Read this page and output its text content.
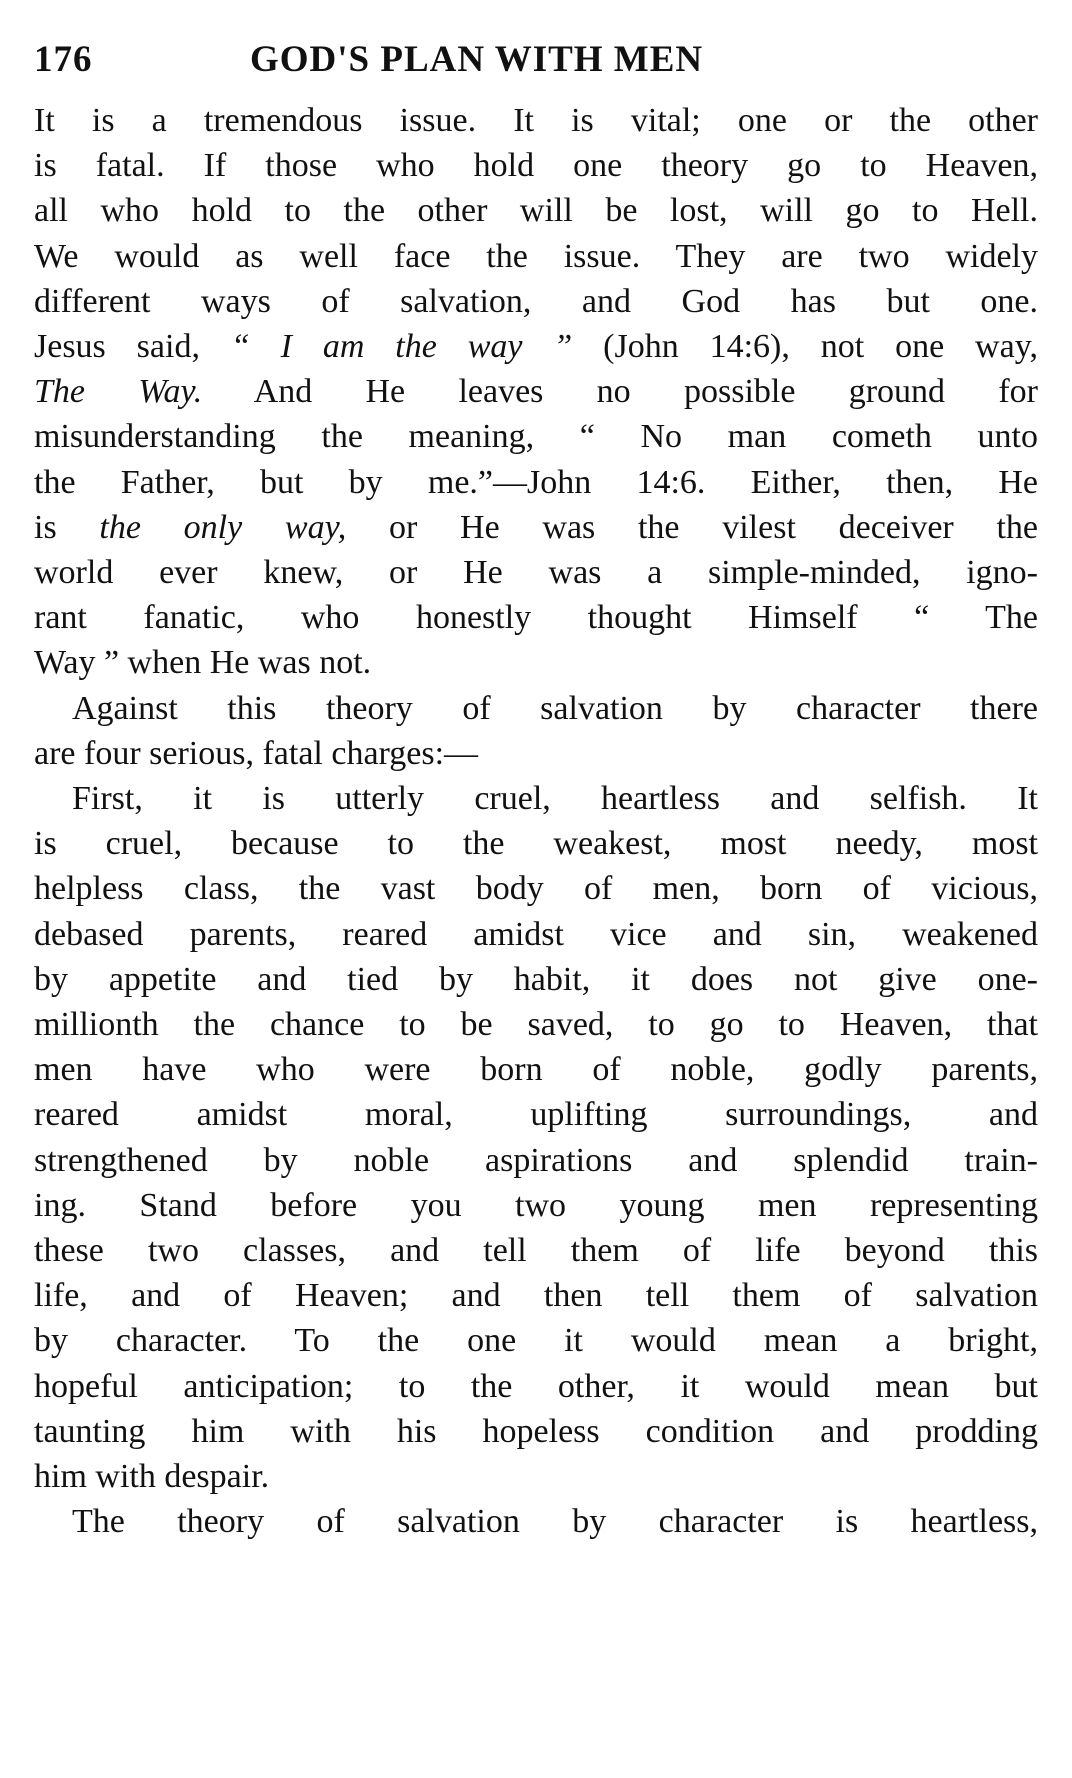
176	GOD'S PLAN WITH MEN
It is a tremendous issue. It is vital; one or the other
is fatal. If those who hold one theory go to Heaven,
all who hold to the other will be lost, will go to Hell.
We would as well face the issue. They are two widely
different ways of salvation, and God has but one.
Jesus said, “ I am the way ” (John 14:6), not one way,
The Way. And He leaves no possible ground for
misunderstanding the meaning, “ No man cometh unto
the Father, but by me.”—John 14:6. Either, then, He
is the only way, or He was the vilest deceiver the
world ever knew, or He was a simple-minded, igno-
rant fanatic, who honestly thought Himself “ The
Way ” when He was not.
Against this theory of salvation by character there
are four serious, fatal charges:—
First, it is utterly cruel, heartless and selfish. It
is cruel, because to the weakest, most needy, most
helpless class, the vast body of men, born of vicious,
debased parents, reared amidst vice and sin, weakened
by appetite and tied by habit, it does not give one-
millionth the chance to be saved, to go to Heaven, that
men have who were born of noble, godly parents,
reared amidst moral, uplifting surroundings, and
strengthened by noble aspirations and splendid train-
ing. Stand before you two young men representing
these two classes, and tell them of life beyond this
life, and of Heaven; and then tell them of salvation
by character. To the one it would mean a bright,
hopeful anticipation; to the other, it would mean but
taunting him with his hopeless condition and prodding
him with despair.
The theory of salvation by character is heartless,
